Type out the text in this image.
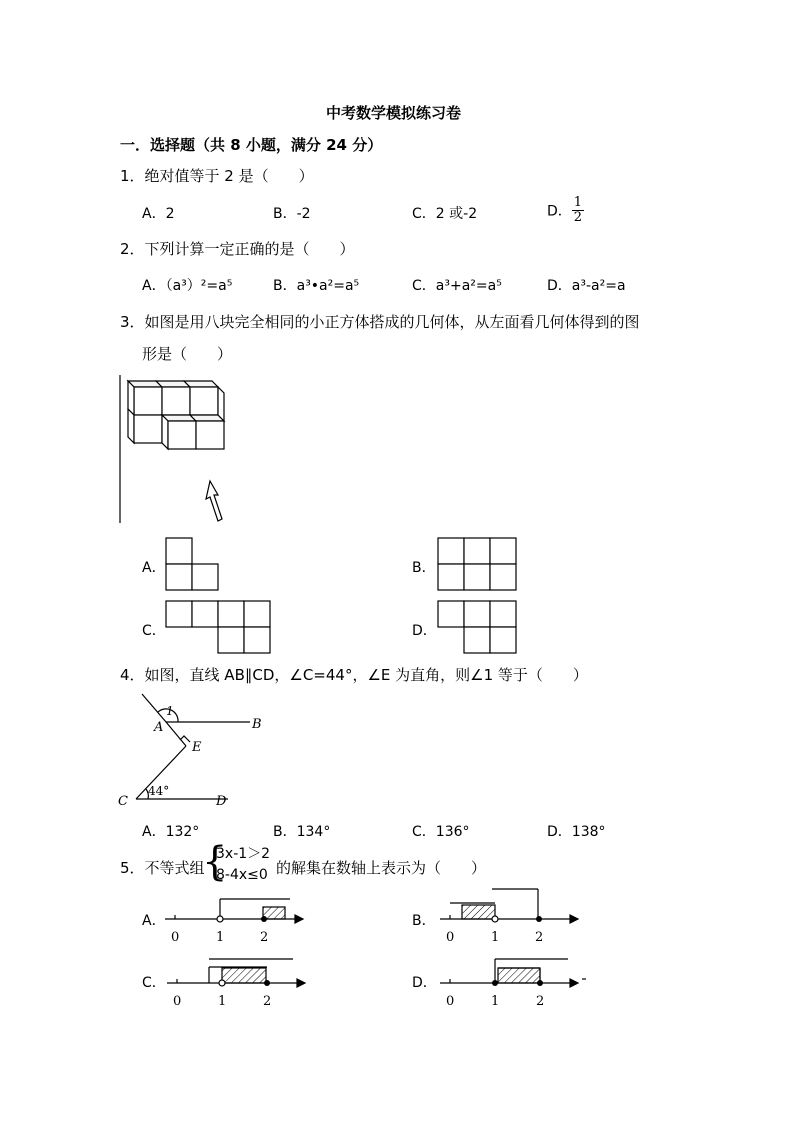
中考数学模拟练习卷
一．选择题（共 8 小题，满分 24 分）
1．绝对值等于 2 是（　　）
A．2	B．-2	C．2 或-2	D． $\frac{1}{2}$
2．下列计算一定正确的是（　　）
A．（a³）²=a⁵	B．a³•a²=a⁵	C．a³+a²=a⁵	D．a³-a²=a
3．如图是用八块完全相同的小正方体搭成的几何体，从左面看几何体得到的图
形是（　　）
A．	B．
C．	D．
4．如图，直线 AB∥CD，∠C=44°，∠E 为直角，则∠1 等于（　　）
1
A	B
E
C	D
44°
A．132°	B．134°	C．136°	D．138°
5．不等式组
{
3x-1＞2
8-4x≤0 的解集在数轴上表示为（　　）
A．
0	1	2
B．
0	1	2
C．
0	1	2
D．
0	1	2
